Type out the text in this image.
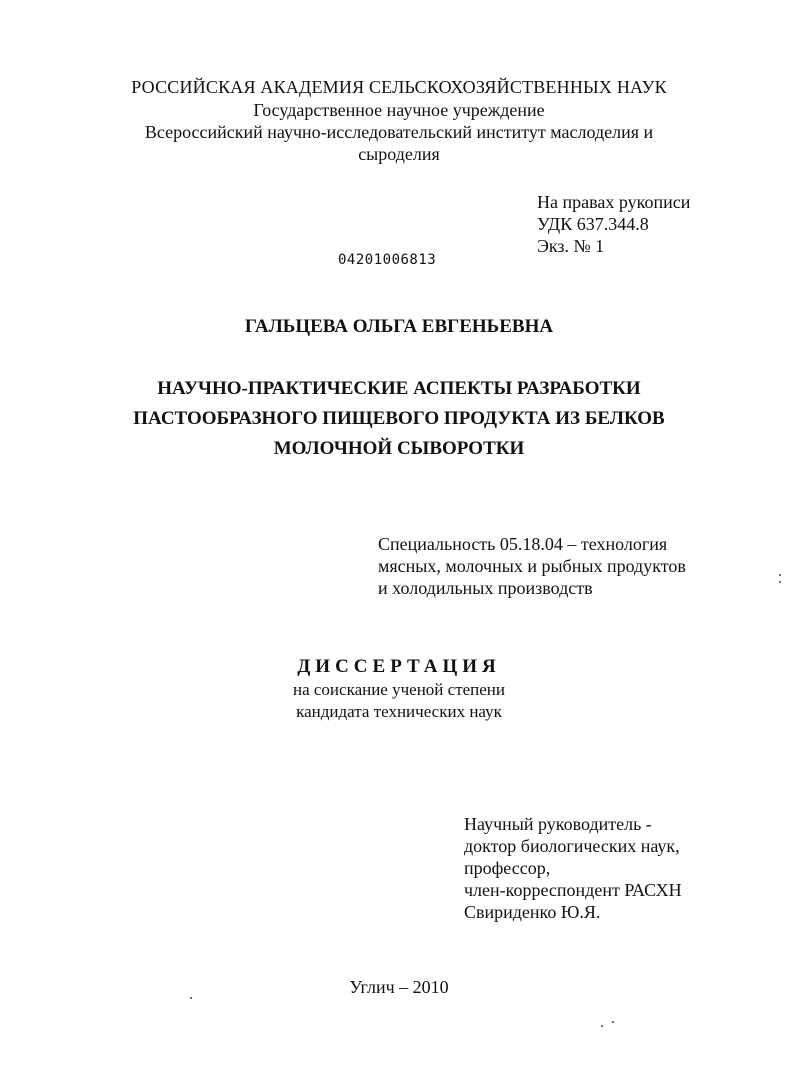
РОССИЙСКАЯ АКАДЕМИЯ СЕЛЬСКОХОЗЯЙСТВЕННЫХ НАУК
Государственное научное учреждение
Всероссийский научно-исследовательский институт маслоделия и
сыроделия
На правах рукописи
УДК 637.344.8
Экз. № 1
04201006813
ГАЛЬЦЕВА ОЛЬГА ЕВГЕНЬЕВНА
НАУЧНО-ПРАКТИЧЕСКИЕ АСПЕКТЫ РАЗРАБОТКИ
ПАСТООБРАЗНОГО ПИЩЕВОГО ПРОДУКТА ИЗ БЕЛКОВ
МОЛОЧНОЙ СЫВОРОТКИ
Специальность 05.18.04 – технология
мясных, молочных и рыбных продуктов
и холодильных производств
ДИССЕРТАЦИЯ
на соискание ученой степени
кандидата технических наук
Научный руководитель -
доктор биологических наук,
профессор,
член-корреспондент РАСХН
Свириденко Ю.Я.
Углич – 2010
